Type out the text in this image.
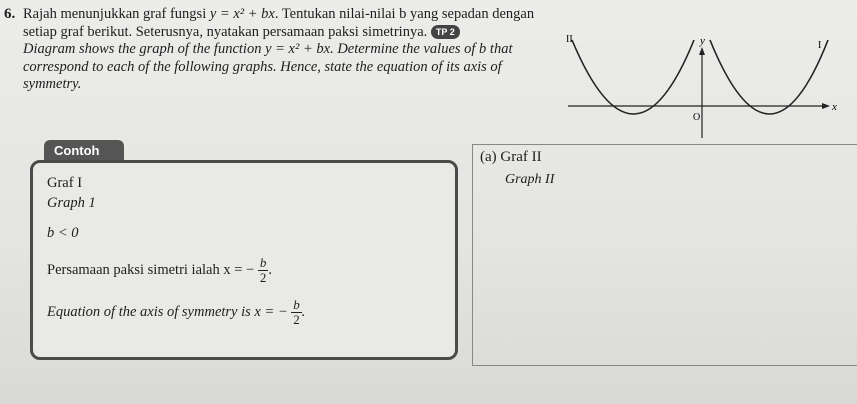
6. Rajah menunjukkan graf fungsi y = x² + bx. Tentukan nilai-nilai b yang sepadan dengan setiap graf berikut. Seterusnya, nyatakan persamaan paksi simetrinya. TP 2
Diagram shows the graph of the function y = x² + bx. Determine the values of b that correspond to each of the following graphs. Hence, state the equation of its axis of symmetry.
I
II	y
x
O
Contoh
Graf I
Graph 1
b < 0
Persamaan paksi simetri ialah x = − $\frac{b}{2}$ .
Equation of the axis of symmetry is x = − $\frac{b}{2}$ .
(a) Graf II
Graph II
